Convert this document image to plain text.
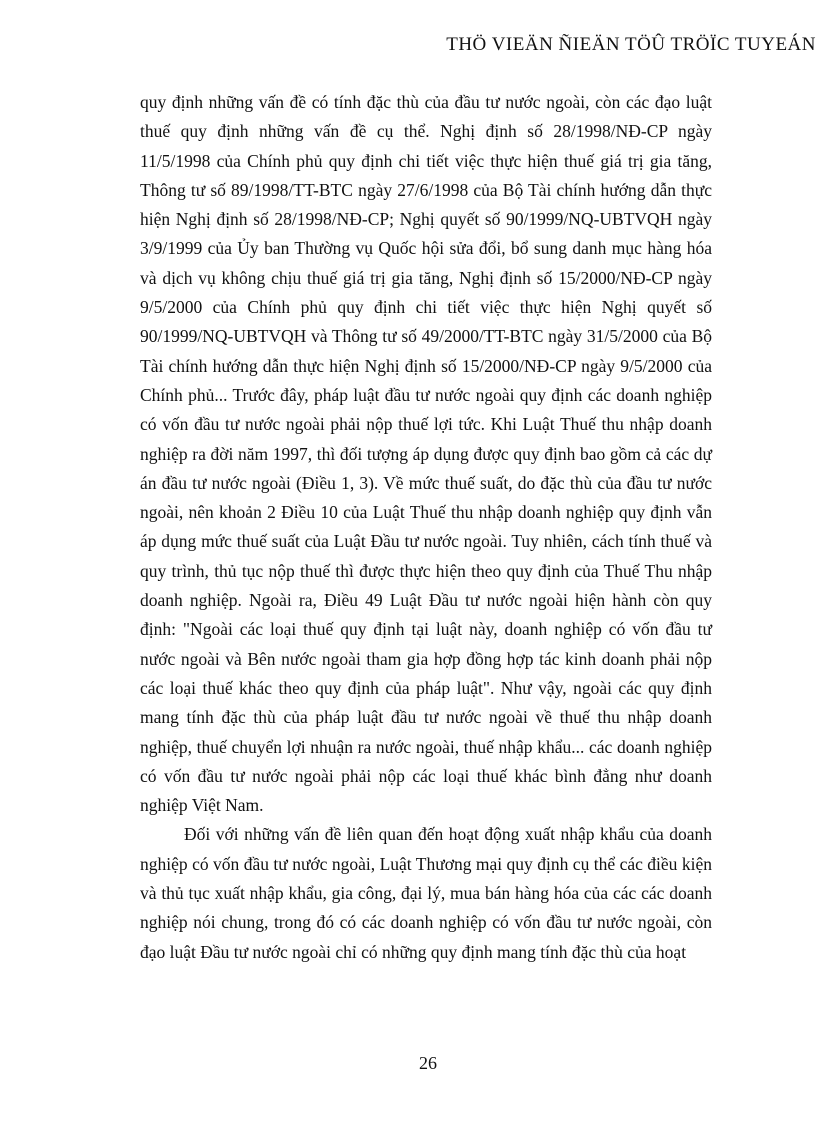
THÖ VIEÄN ÑIEÄN TÖÛ TRÖÏC TUYEÁN

quy định những vấn đề có tính đặc thù của đầu tư nước ngoài, còn các đạo luật thuế quy định những vấn đề cụ thể. Nghị định số 28/1998/NĐ-CP ngày 11/5/1998 của Chính phủ quy định chi tiết việc thực hiện thuế giá trị gia tăng, Thông tư số 89/1998/TT-BTC ngày 27/6/1998 của Bộ Tài chính hướng dẫn thực hiện Nghị định số 28/1998/NĐ-CP; Nghị quyết số 90/1999/NQ-UBTVQH ngày 3/9/1999 của Ủy ban Thường vụ Quốc hội sửa đổi, bổ sung danh mục hàng hóa và dịch vụ không chịu thuế giá trị gia tăng, Nghị định số 15/2000/NĐ-CP ngày 9/5/2000 của Chính phủ quy định chi tiết việc thực hiện Nghị quyết số 90/1999/NQ-UBTVQH và Thông tư số 49/2000/TT-BTC ngày 31/5/2000 của Bộ Tài chính hướng dẫn thực hiện Nghị định số 15/2000/NĐ-CP ngày 9/5/2000 của Chính phủ... Trước đây, pháp luật đầu tư nước ngoài quy định các doanh nghiệp có vốn đầu tư nước ngoài phải nộp thuế lợi tức. Khi Luật Thuế thu nhập doanh nghiệp ra đời năm 1997, thì đối tượng áp dụng được quy định bao gồm cả các dự án đầu tư nước ngoài (Điều 1, 3). Về mức thuế suất, do đặc thù của đầu tư nước ngoài, nên khoản 2 Điều 10 của Luật Thuế thu nhập doanh nghiệp quy định vẫn áp dụng mức thuế suất của Luật Đầu tư nước ngoài. Tuy nhiên, cách tính thuế và quy trình, thủ tục nộp thuế thì được thực hiện theo quy định của Thuế Thu nhập doanh nghiệp. Ngoài ra, Điều 49 Luật Đầu tư nước ngoài hiện hành còn quy định: "Ngoài các loại thuế quy định tại luật này, doanh nghiệp có vốn đầu tư nước ngoài và Bên nước ngoài tham gia hợp đồng hợp tác kinh doanh phải nộp các loại thuế khác theo quy định của pháp luật". Như vậy, ngoài các quy định mang tính đặc thù của pháp luật đầu tư nước ngoài về thuế thu nhập doanh nghiệp, thuế chuyển lợi nhuận ra nước ngoài, thuế nhập khẩu... các doanh nghiệp có vốn đầu tư nước ngoài phải nộp các loại thuế khác bình đẳng như doanh nghiệp Việt Nam.

Đối với những vấn đề liên quan đến hoạt động xuất nhập khẩu của doanh nghiệp có vốn đầu tư nước ngoài, Luật Thương mại quy định cụ thể các điều kiện và thủ tục xuất nhập khẩu, gia công, đại lý, mua bán hàng hóa của các các doanh nghiệp nói chung, trong đó có các doanh nghiệp có vốn đầu tư nước ngoài, còn đạo luật Đầu tư nước ngoài chỉ có những quy định mang tính đặc thù của hoạt

26
